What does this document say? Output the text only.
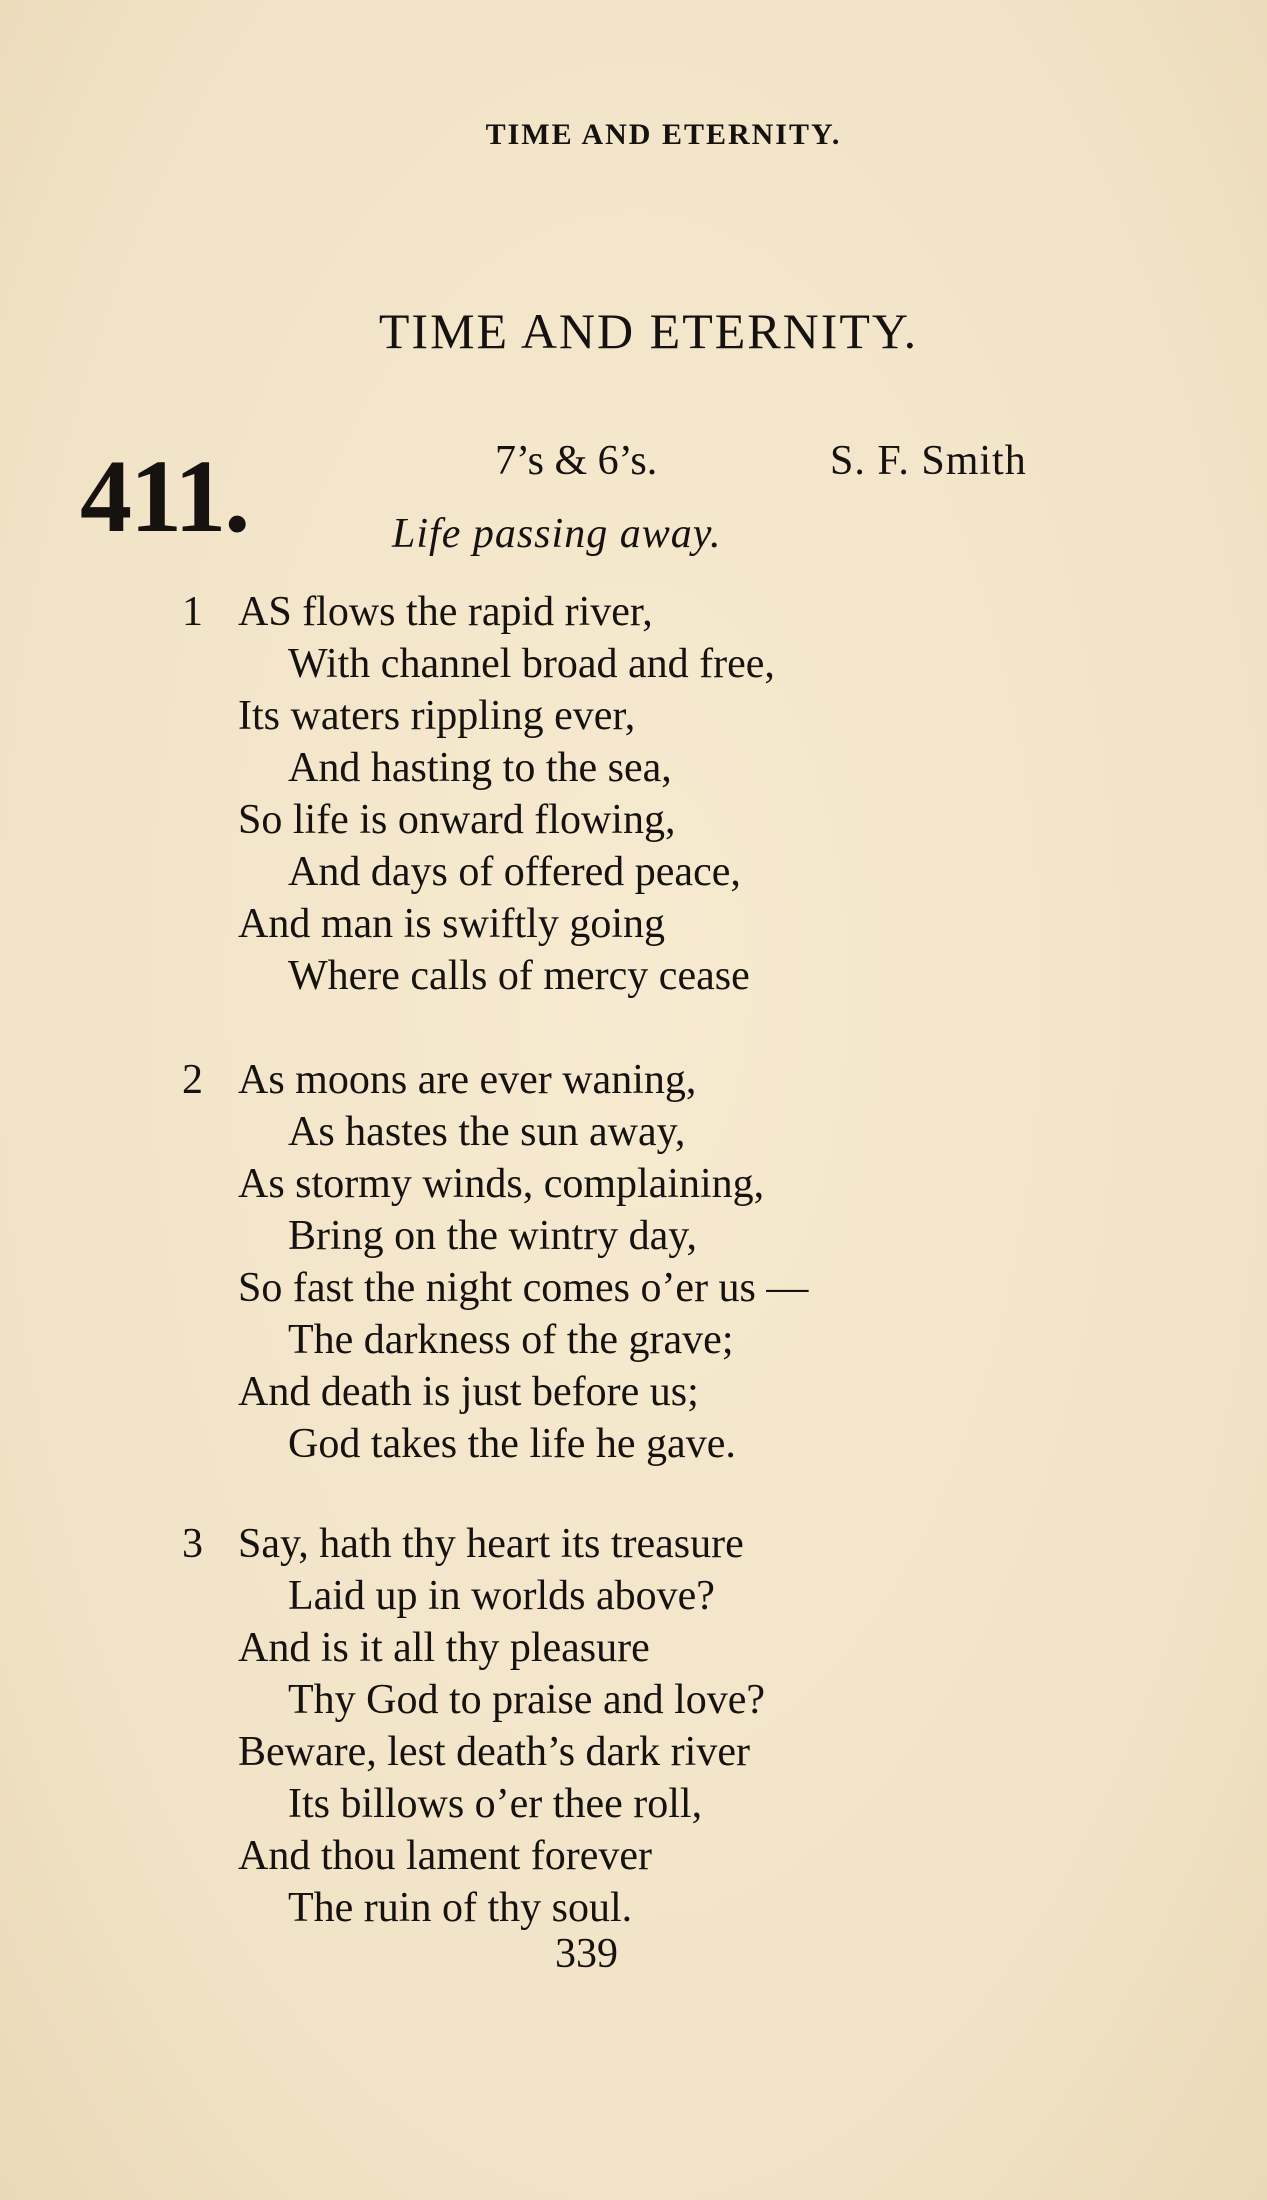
TIME AND ETERNITY.
TIME AND ETERNITY.
411.	7’s & 6’s.	S. F. Smith
Life passing away.
1 AS flows the rapid river,
With channel broad and free,
Its waters rippling ever,
And hasting to the sea,
So life is onward flowing,
And days of offered peace,
And man is swiftly going
Where calls of mercy cease
2 As moons are ever waning,
As hastes the sun away,
As stormy winds, complaining,
Bring on the wintry day,
So fast the night comes o’er us —
The darkness of the grave;
And death is just before us;
God takes the life he gave.
3 Say, hath thy heart its treasure
Laid up in worlds above?
And is it all thy pleasure
Thy God to praise and love?
Beware, lest death’s dark river
Its billows o’er thee roll,
And thou lament forever
The ruin of thy soul.
339
